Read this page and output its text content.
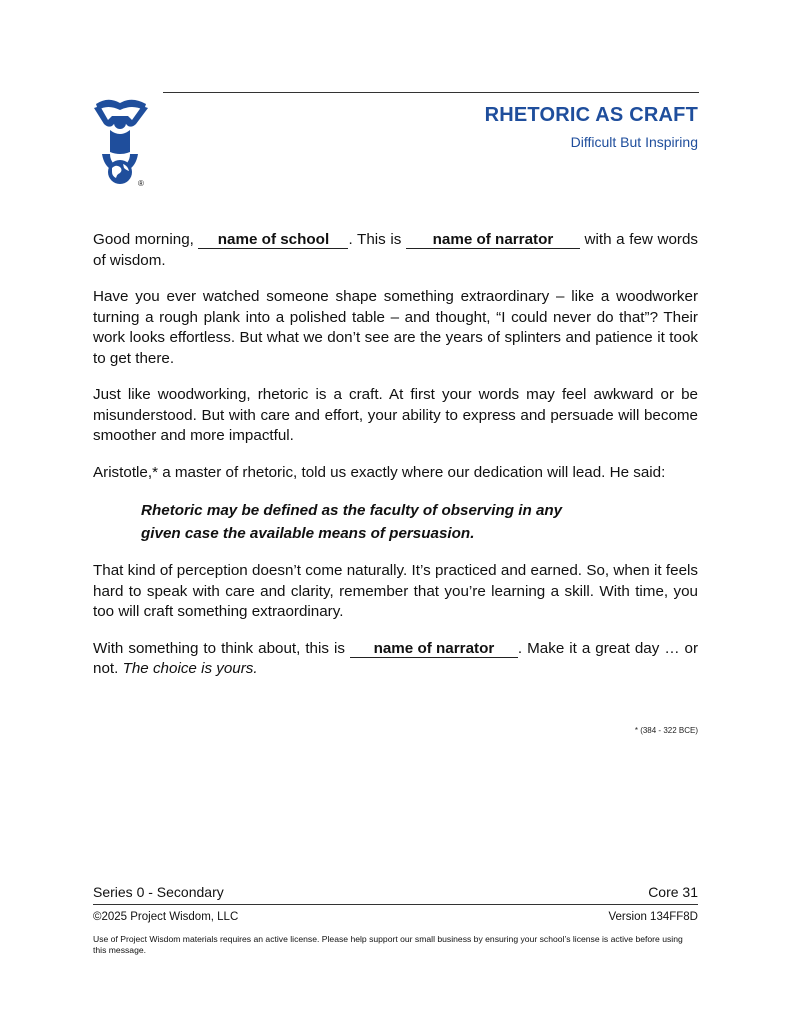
®
RHETORIC AS CRAFT
Difficult But Inspiring

Good morning, name of school . This is name of narrator with a few words of wisdom.

Have you ever watched someone shape something extraordinary – like a woodworker turning a rough plank into a polished table – and thought, “I could never do that”? Their work looks effortless. But what we don’t see are the years of splinters and patience it took to get there.

Just like woodworking, rhetoric is a craft. At first your words may feel awkward or be misunderstood. But with care and effort, your ability to express and persuade will become smoother and more impactful.

Aristotle,* a master of rhetoric, told us exactly where our dedication will lead. He said:

Rhetoric may be defined as the faculty of observing in any
given case the available means of persuasion.

That kind of perception doesn’t come naturally. It’s practiced and earned. So, when it feels hard to speak with care and clarity, remember that you’re learning a skill. With time, you too will craft something extraordinary.

With something to think about, this is name of narrator . Make it a great day … or not. The choice is yours.

* (384 - 322 BCE)
Series 0 - Secondary	Core 31
©2025 Project Wisdom, LLC	Version 134FF8D
Use of Project Wisdom materials requires an active license. Please help support our small business by ensuring your school’s license is active before using this message.
